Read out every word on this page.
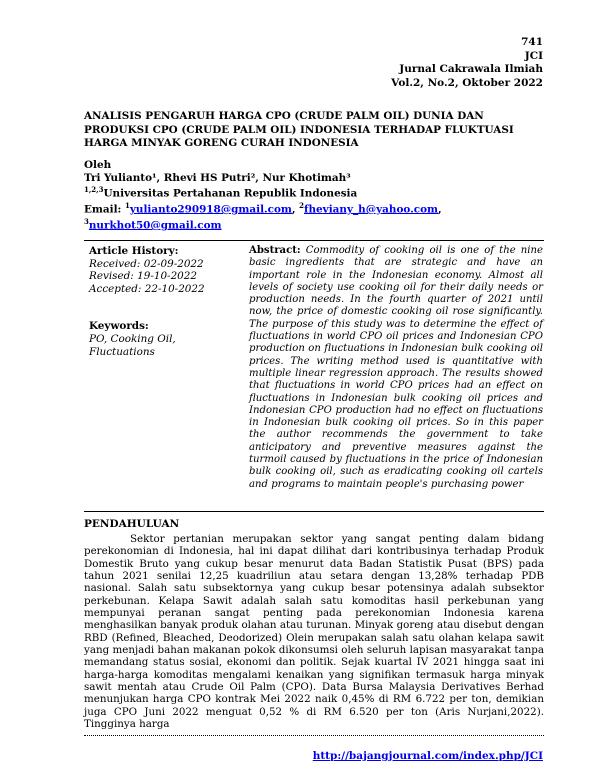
741
JCI
Jurnal Cakrawala Ilmiah
Vol.2, No.2, Oktober 2022
ANALISIS PENGARUH HARGA CPO (CRUDE PALM OIL) DUNIA DAN PRODUKSI CPO (CRUDE PALM OIL) INDONESIA TERHADAP FLUKTUASI HARGA MINYAK GORENG CURAH INDONESIA
Oleh
Tri Yulianto¹, Rhevi HS Putri², Nur Khotimah³
$^{1,2,3}$Universitas Pertahanan Republik Indonesia
Email: $^1$yulianto290918@gmail.com, $^2$fheviany_h@yahoo.com,
$^3$nurkhot50@gmail.com
Article History:
Received: 02-09-2022
Revised: 19-10-2022
Accepted: 22-10-2022
Keywords:
PO, Cooking Oil, Fluctuations
Abstract: Commodity of cooking oil is one of the nine basic ingredients that are strategic and have an important role in the Indonesian economy. Almost all levels of society use cooking oil for their daily needs or production needs. In the fourth quarter of 2021 until now, the price of domestic cooking oil rose significantly. The purpose of this study was to determine the effect of fluctuations in world CPO oil prices and Indonesian CPO production on fluctuations in Indonesian bulk cooking oil prices. The writing method used is quantitative with multiple linear regression approach. The results showed that fluctuations in world CPO prices had an effect on fluctuations in Indonesian bulk cooking oil prices and Indonesian CPO production had no effect on fluctuations in Indonesian bulk cooking oil prices. So in this paper the author recommends the government to take anticipatory and preventive measures against the turmoil caused by fluctuations in the price of Indonesian bulk cooking oil, such as eradicating cooking oil cartels and programs to maintain people's purchasing power
PENDAHULUAN
Sektor pertanian merupakan sektor yang sangat penting dalam bidang perekonomian di Indonesia, hal ini dapat dilihat dari kontribusinya terhadap Produk Domestik Bruto yang cukup besar menurut data Badan Statistik Pusat (BPS) pada tahun 2021 senilai 12,25 kuadriliun atau setara dengan 13,28% terhadap PDB nasional. Salah satu subsektornya yang cukup besar potensinya adalah subsektor perkebunan. Kelapa Sawit adalah salah satu komoditas hasil perkebunan yang mempunyai peranan sangat penting pada perekonomian Indonesia karena menghasilkan banyak produk olahan atau turunan. Minyak goreng atau disebut dengan RBD (Refined, Bleached, Deodorized) Olein merupakan salah satu olahan kelapa sawit yang menjadi bahan makanan pokok dikonsumsi oleh seluruh lapisan masyarakat tanpa memandang status sosial, ekonomi dan politik. Sejak kuartal IV 2021 hingga saat ini harga-harga komoditas mengalami kenaikan yang signifikan termasuk harga minyak sawit mentah atau Crude Oil Palm (CPO). Data Bursa Malaysia Derivatives Berhad menunjukan harga CPO kontrak Mei 2022 naik 0,45% di RM 6.722 per ton, demikian juga CPO Juni 2022 menguat 0,52 % di RM 6.520 per ton (Aris Nurjani,2022). Tingginya harga
http://bajangjournal.com/index.php/JCI
